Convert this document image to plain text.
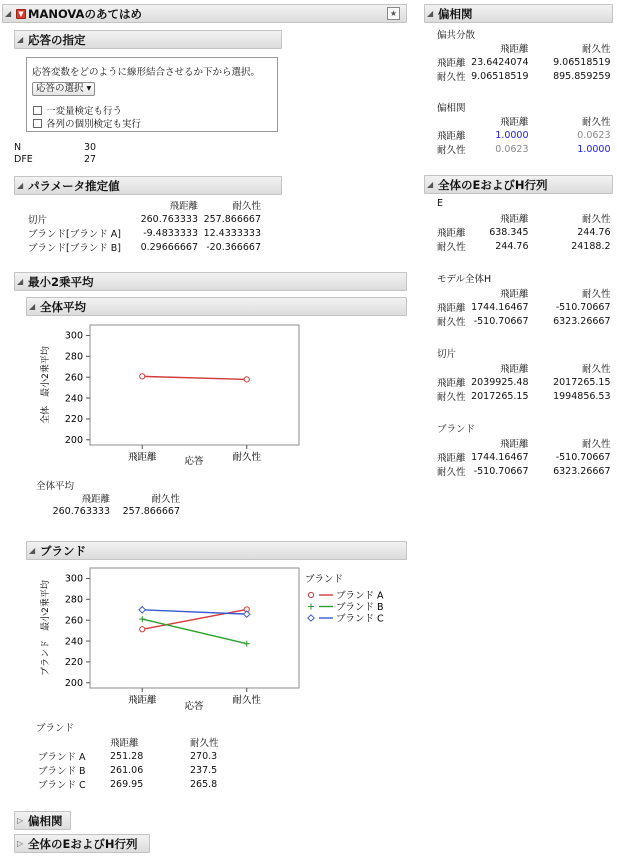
◢	▼ MANOVAのあてはめ	★
◢ 応答の指定
応答変数をどのように線形結合させるか下から選択。
応答の選択 ▾
一変量検定も行う
各列の個別検定も実行
N	30
DFE	27
◢ パラメータ推定値
	飛距離	耐久性
切片	260.763333	257.866667
ブランド[ブランド A]	-9.4833333	12.4333333
ブランド[ブランド B]	0.29666667	-20.366667
◢ 最小2乗平均
◢ 全体平均
200
220
240
260
280
300
飛距離	耐久性
全体　最小2乗平均
応答
全体平均
飛距離	耐久性
260.763333	257.866667
◢ ブランド
200
220
240
260
280
300
飛距離	耐久性
ブランド　最小2乗平均
応答
ブランド
ブランド A
ブランド B
ブランド C
ブランド
	飛距離	耐久性
ブランド A	251.28	270.3
ブランド B	261.06	237.5
ブランド C	269.95	265.8
▷ 偏相関
▷ 全体のEおよびH行列
◢ 偏相関
偏共分散
	飛距離	耐久性
飛距離	23.6424074	9.06518519
耐久性	9.06518519	895.859259
偏相関
	飛距離	耐久性
飛距離	1.0000	0.0623
耐久性	0.0623	1.0000
◢ 全体のEおよびH行列
E
	飛距離	耐久性
飛距離	638.345	244.76
耐久性	244.76	24188.2
モデル全体H
	飛距離	耐久性
飛距離	1744.16467	-510.70667
耐久性	-510.70667	6323.26667
切片
	飛距離	耐久性
飛距離	2039925.48	2017265.15
耐久性	2017265.15	1994856.53
ブランド
	飛距離	耐久性
飛距離	1744.16467	-510.70667
耐久性	-510.70667	6323.26667
